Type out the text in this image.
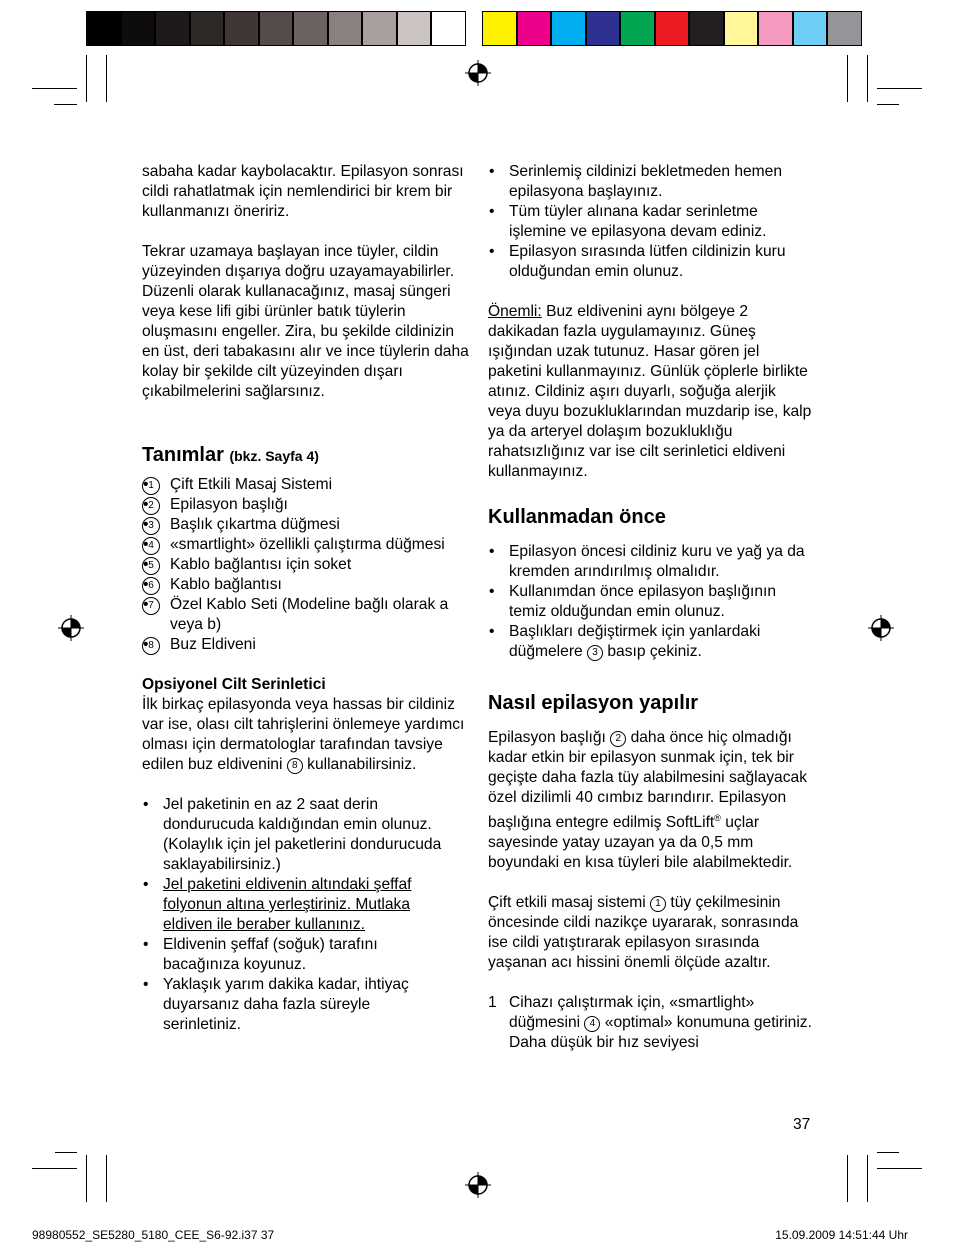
sabaha kadar kaybolacaktır. Epilasyon sonrası cildi rahatlatmak için nemlendirici bir krem bir kullanmanızı öneririz.

Tekrar uzamaya başlayan ince tüyler, cildin yüzeyinden dışarıya doğru uzayamayabilirler. Düzenli olarak kullanacağınız, masaj süngeri veya kese lifi gibi ürünler batık tüylerin oluşmasını engeller. Zira, bu şekilde cildinizin en üst, deri tabakasını alır ve ince tüylerin daha kolay bir şekilde cilt yüzeyinden dışarı çıkabilmelerini sağlarsınız.

Tanımlar (bkz. Sayfa 4)

• 1	Çift Etkili Masaj Sistemi
• 2	Epilasyon başlığı
• 3	Başlık çıkartma düğmesi
• 4	«smartlight» özellikli çalıştırma düğmesi
• 5	Kablo bağlantısı için soket
• 6	Kablo bağlantısı
• 7	Özel Kablo Seti (Modeline bağlı olarak a veya b)
• 8	Buz Eldiveni

Opsiyonel Cilt Serinletici

İlk birkaç epilasyonda veya hassas bir cildiniz var ise, olası cilt tahrişlerini önlemeye yardımcı olması için dermatologlar tarafından tavsiye edilen buz eldivenini 8 kullanabilirsiniz.

• Jel paketinin en az 2 saat derin dondurucuda kaldığından emin olunuz. (Kolaylık için jel paketlerini dondurucuda saklayabilirsiniz.)
• Jel paketini eldivenin altındaki şeffaf folyonun altına yerleştiriniz. Mutlaka eldiven ile beraber kullanınız.
• Eldivenin şeffaf (soğuk) tarafını bacağınıza koyunuz.
• Yaklaşık yarım dakika kadar, ihtiyaç duyarsanız daha fazla süreyle serinletiniz.
• Serinlemiş cildinizi bekletmeden hemen epilasyona başlayınız.
• Tüm tüyler alınana kadar serinletme işlemine ve epilasyona devam ediniz.
• Epilasyon sırasında lütfen cildinizin kuru olduğundan emin olunuz.

Önemli: Buz eldivenini aynı bölgeye 2 dakikadan fazla uygulamayınız. Güneş ışığından uzak tutunuz. Hasar gören jel paketini kullanmayınız. Günlük çöplerle birlikte atınız. Cildiniz aşırı duyarlı, soğuğa alerjik veya duyu bozukluklarından muzdarip ise, kalp ya da arteryel dolaşım bozukluklığu rahatsızlığınız var ise cilt serinletici eldiveni kullanmayınız.

Kullanmadan önce

• Epilasyon öncesi cildiniz kuru ve yağ ya da kremden arındırılmış olmalıdır.
• Kullanımdan önce epilasyon başlığının temiz olduğundan emin olunuz.
• Başlıkları değiştirmek için yanlardaki düğmelere 3 basıp çekiniz.

Nasıl epilasyon yapılır

Epilasyon başlığı 2 daha önce hiç olmadığı kadar etkin bir epilasyon sunmak için, tek bir geçişte daha fazla tüy alabilmesini sağlayacak özel dizilimli 40 cımbız barındırır. Epilasyon başlığına entegre edilmiş SoftLift® uçlar sayesinde yatay uzayan ya da 0,5 mm boyundaki en kısa tüyleri bile alabilmektedir.

Çift etkili masaj sistemi 1 tüy çekilmesinin öncesinde cildi nazikçe uyararak, sonrasında ise cildi yatıştırarak epilasyon sırasında yaşanan acı hissini önemli ölçüde azaltır.

1 Cihazı çalıştırmak için, «smartlight» düğmesini 4 «optimal» konumuna getiriniz. Daha düşük bir hız seviyesi

37
98980552_SE5280_5180_CEE_S6-92.i37 37	15.09.2009 14:51:44 Uhr
